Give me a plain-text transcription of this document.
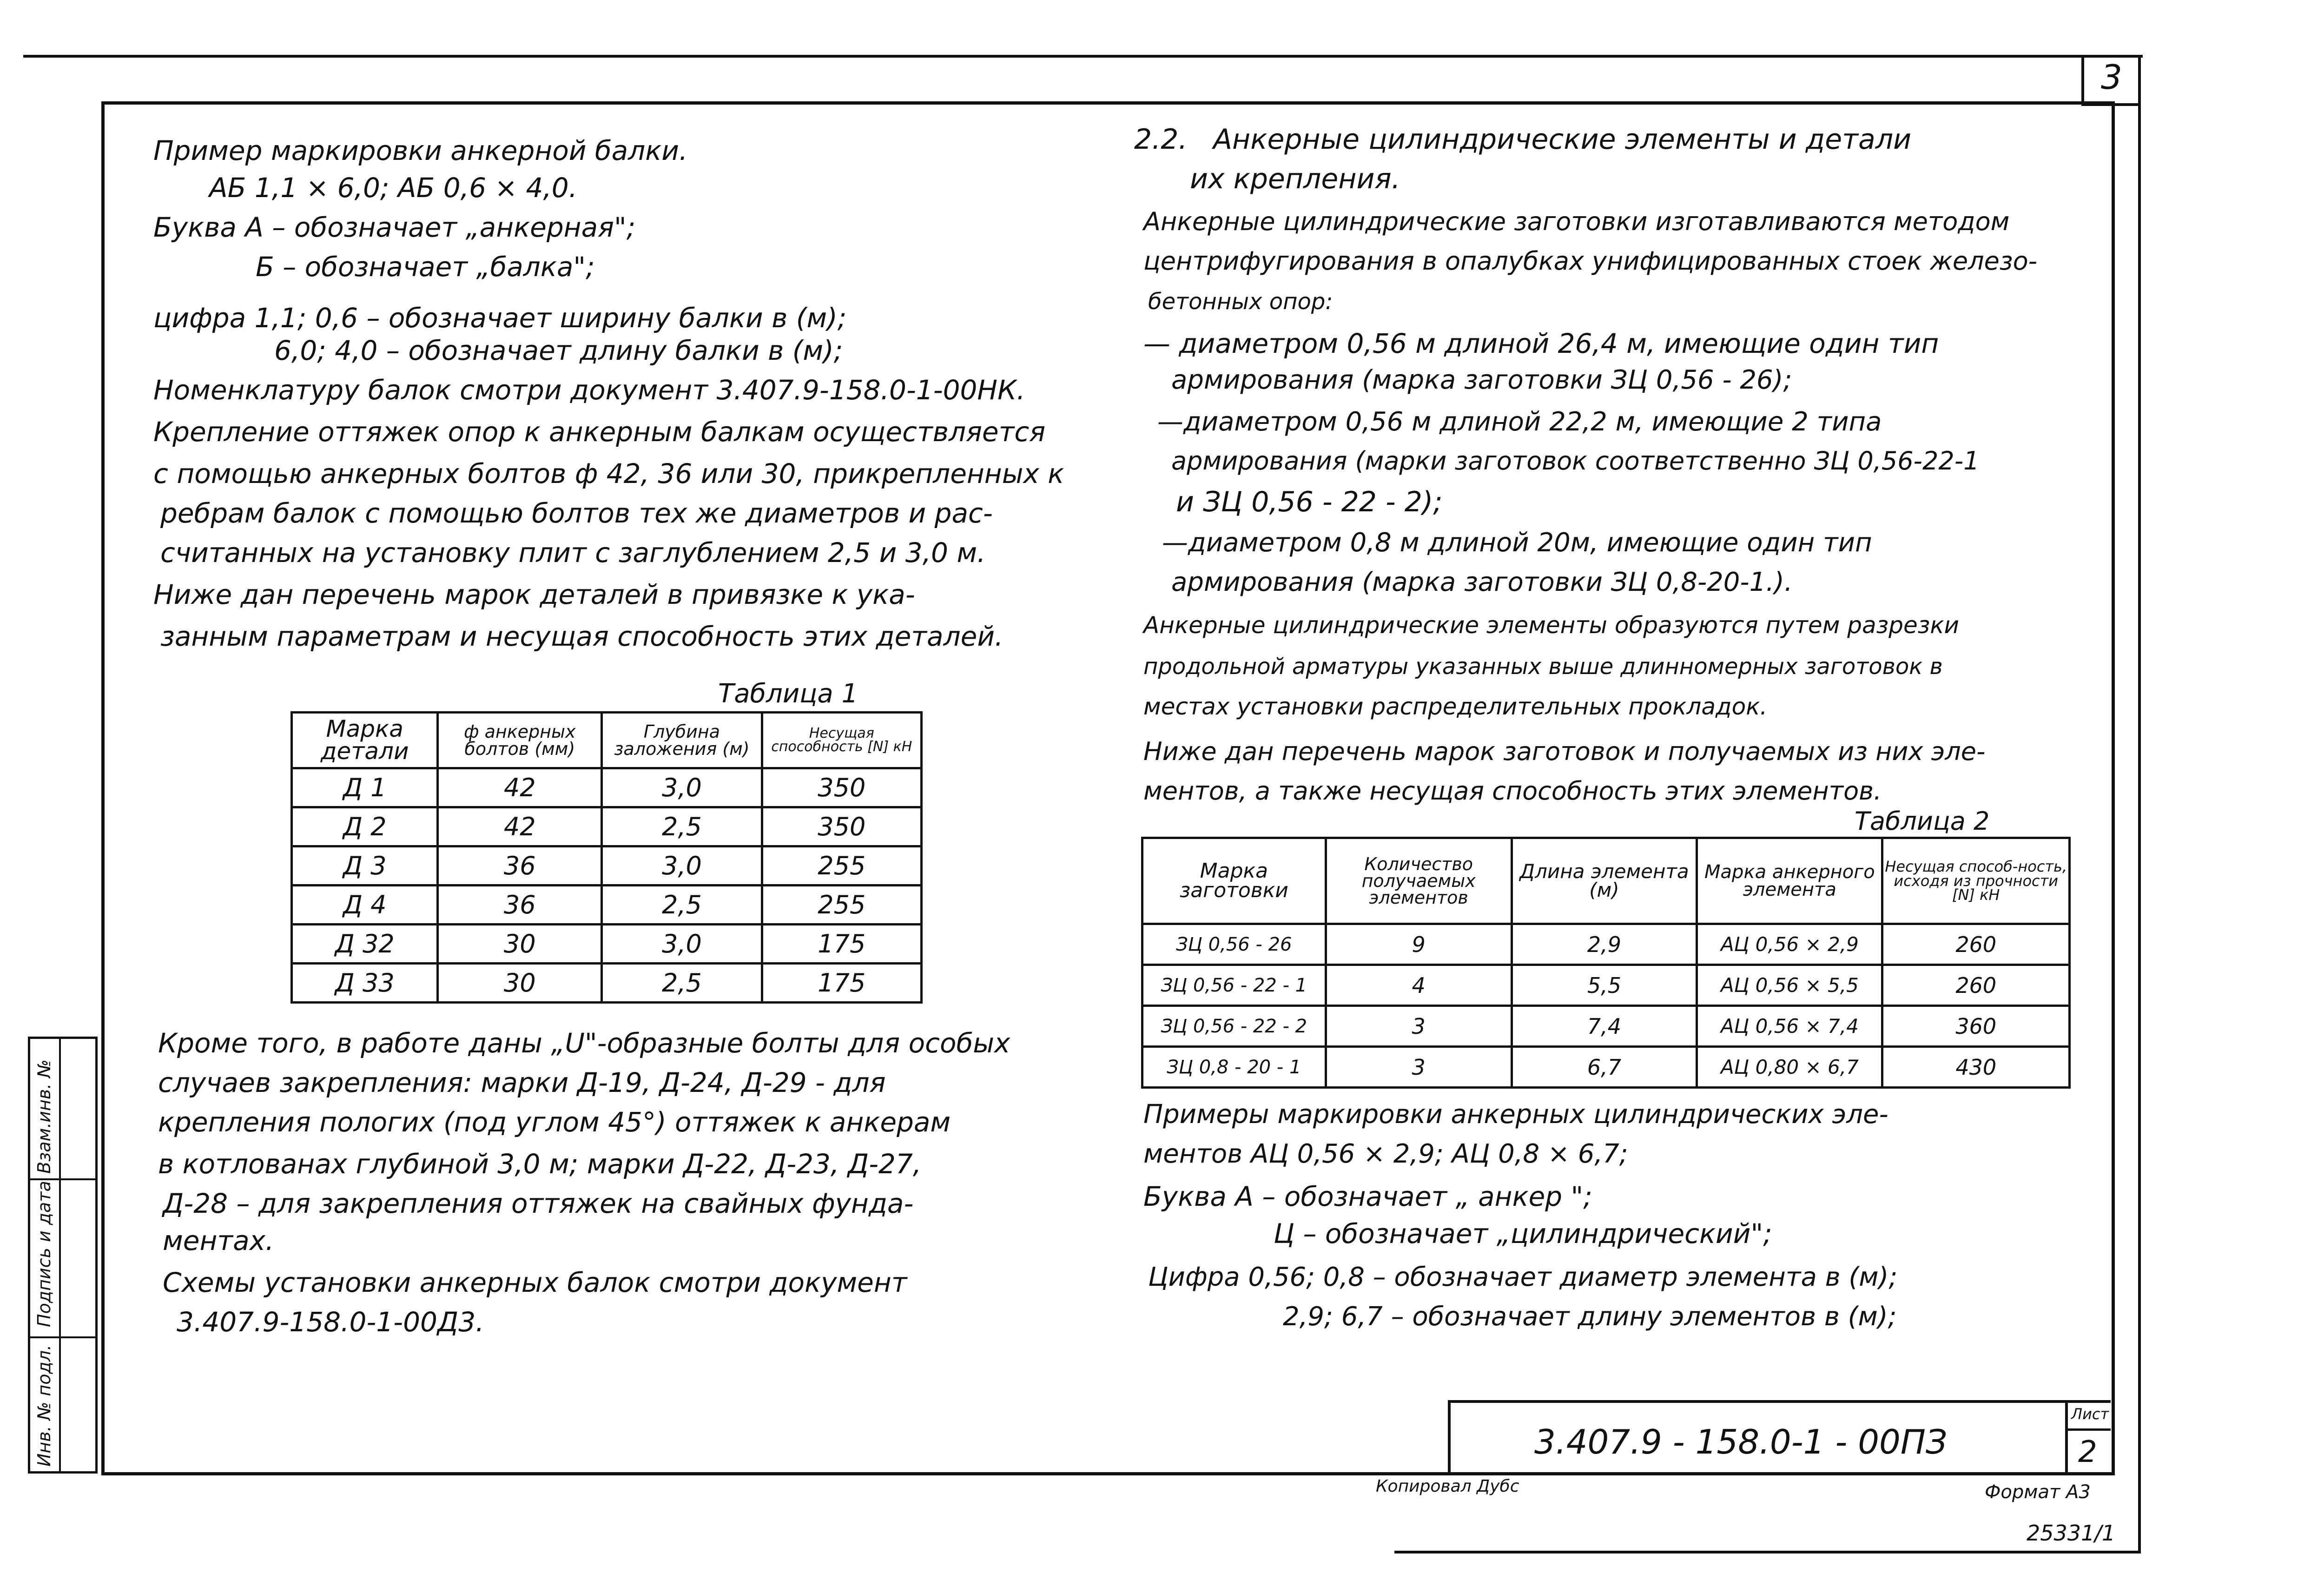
3
Инв. № подл.
Подпись и дата
Взам.инв. №
Пример маркировки анкерной балки.
АБ 1,1 × 6,0; АБ 0,6 × 4,0.
Буква А – обозначает „анкерная";
Б – обозначает „балка";
цифра 1,1; 0,6 – обозначает ширину балки в (м);
6,0; 4,0 – обозначает длину балки в (м);
Номенклатуру балок смотри документ 3.407.9-158.0-1-00НК.
Крепление оттяжек опор к анкерным балкам осуществляется
с помощью анкерных болтов ф 42, 36 или 30, прикрепленных к
ребрам балок с помощью болтов тех же диаметров и рас-
считанных на установку плит с заглублением 2,5 и 3,0 м.
Ниже дан перечень марок деталей в привязке к ука-
занным параметрам и несущая способность этих деталей.
Таблица 1
Марка детали	ф анкерных болтов (мм)	Глубина заложения (м)	Несущая способность [N] кН
Д 1	42	3,0	350
Д 2	42	2,5	350
Д 3	36	3,0	255
Д 4	36	2,5	255
Д 32	30	3,0	175
Д 33	30	2,5	175
Кроме того, в работе даны „U"-образные болты для особых
случаев закрепления: марки Д-19, Д-24, Д-29 - для
крепления пологих (под углом 45°) оттяжек к анкерам
в котлованах глубиной 3,0 м; марки Д-22, Д-23, Д-27,
Д-28 – для закрепления оттяжек на свайных фунда-
ментах.
Схемы установки анкерных балок смотри документ
3.407.9-158.0-1-00Д3.
2.2. Анкерные цилиндрические элементы и детали
их крепления.
Анкерные цилиндрические заготовки изготавливаются методом
центрифугирования в опалубках унифицированных стоек железо-
бетонных опор:
— диаметром 0,56 м длиной 26,4 м, имеющие один тип
армирования (марка заготовки ЗЦ 0,56 - 26);
—диаметром 0,56 м длиной 22,2 м, имеющие 2 типа
армирования (марки заготовок соответственно ЗЦ 0,56-22-1
и ЗЦ 0,56 - 22 - 2);
—диаметром 0,8 м длиной 20м, имеющие один тип
армирования (марка заготовки ЗЦ 0,8-20-1.).
Анкерные цилиндрические элементы образуются путем разрезки
продольной арматуры указанных выше длинномерных заготовок в
местах установки распределительных прокладок.
Ниже дан перечень марок заготовок и получаемых из них эле-
ментов, а также несущая способность этих элементов.
Таблица 2
Марка заготовки	Количество получаемых элементов	Длина элемента (м)	Марка анкерного элемента	Несущая способ-ность, исходя из прочности [N] кН
ЗЦ 0,56 - 26	9	2,9	АЦ 0,56 × 2,9	260
ЗЦ 0,56 - 22 - 1	4	5,5	АЦ 0,56 × 5,5	260
ЗЦ 0,56 - 22 - 2	3	7,4	АЦ 0,56 × 7,4	360
ЗЦ 0,8 - 20 - 1	3	6,7	АЦ 0,80 × 6,7	430
Примеры маркировки анкерных цилиндрических эле-
ментов АЦ 0,56 × 2,9; АЦ 0,8 × 6,7;
Буква А – обозначает „ анкер ";
Ц – обозначает „цилиндрический";
Цифра 0,56; 0,8 – обозначает диаметр элемента в (м);
2,9; 6,7 – обозначает длину элементов в (м);
3.407.9 - 158.0-1 - 00ПЗ
Лист
2
Копировал Дубс	Формат А3
25331/1
